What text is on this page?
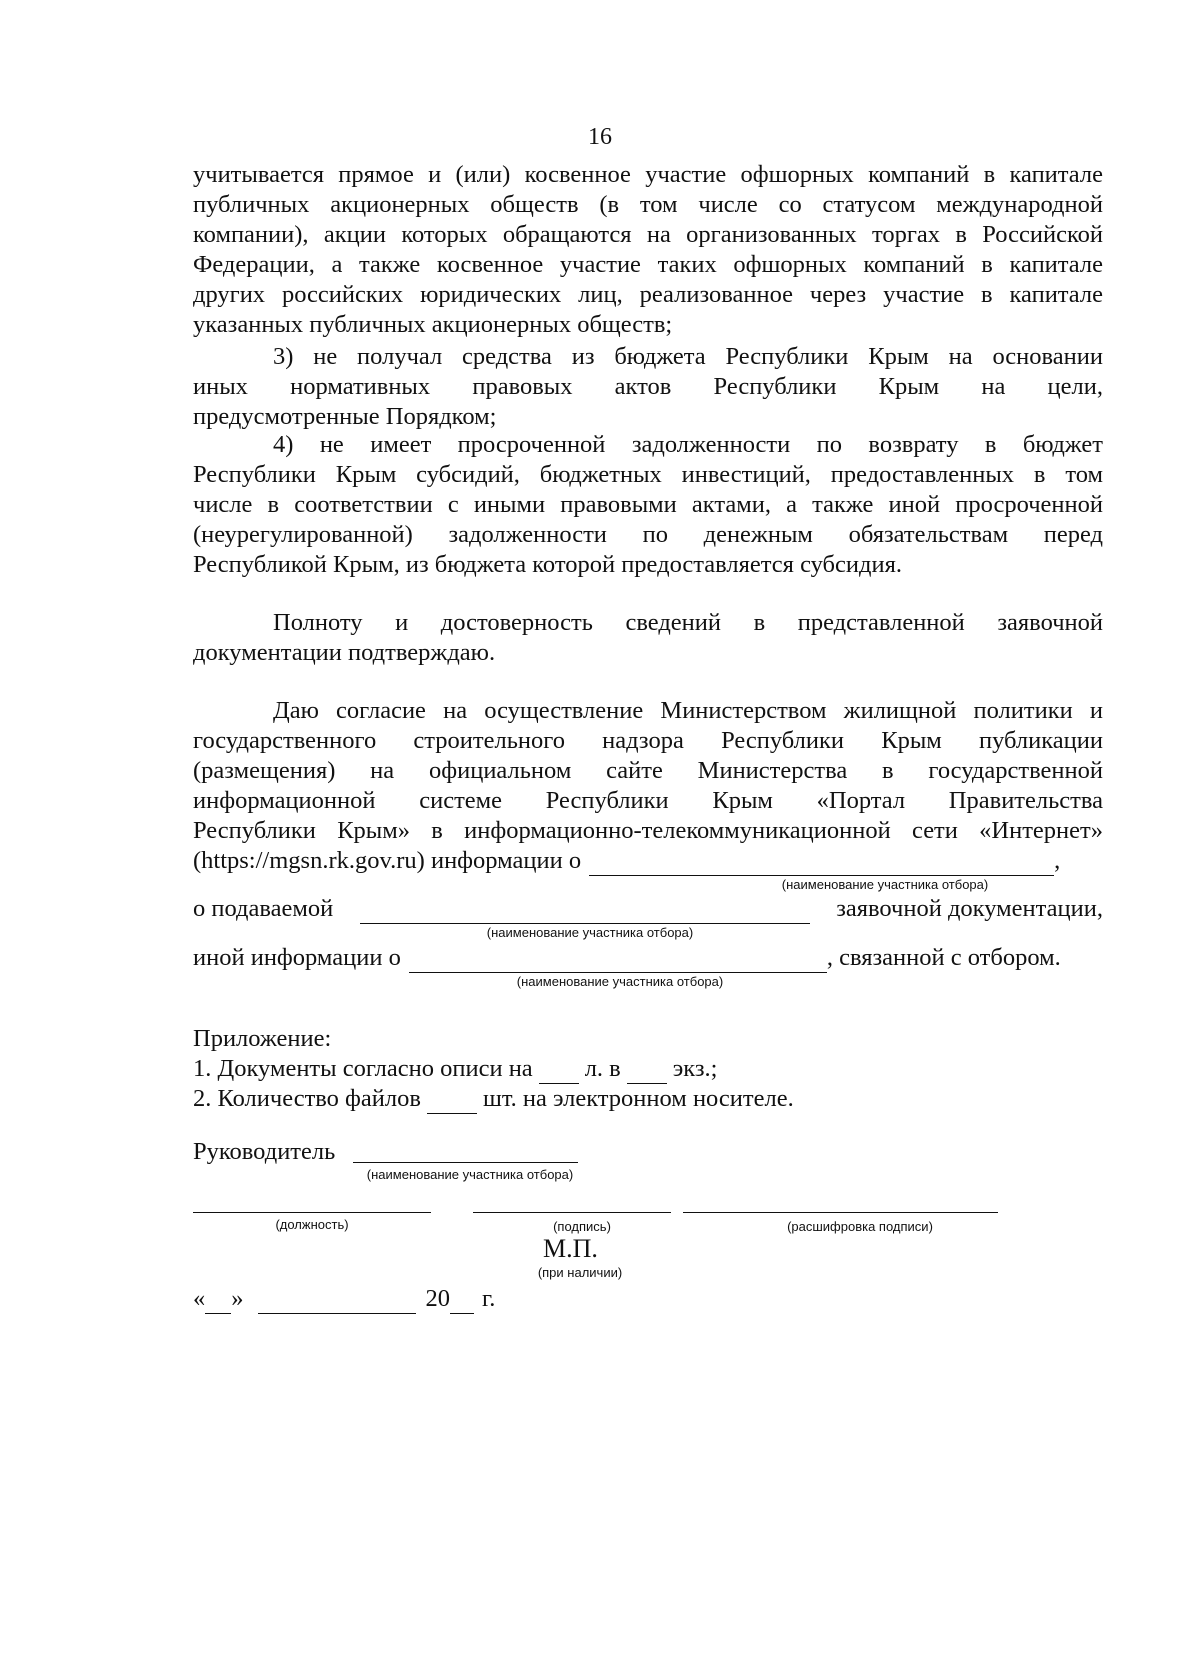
16

учитывается прямое и (или) косвенное участие офшорных компаний в капитале

публичных акционерных обществ (в том числе со статусом международной

компании), акции которых обращаются на организованных торгах в Российской

Федерации, а также косвенное участие таких офшорных компаний в капитале

других российских юридических лиц, реализованное через участие в капитале

указанных публичных акционерных обществ;

3) не получал средства из бюджета Республики Крым на основании

иных нормативных правовых актов Республики Крым на цели,

предусмотренные Порядком;

4) не имеет просроченной задолженности по возврату в бюджет

Республики Крым субсидий, бюджетных инвестиций, предоставленных в том

числе в соответствии с иными правовыми актами, а также иной просроченной

(неурегулированной) задолженности по денежным обязательствам перед

Республикой Крым, из бюджета которой предоставляется субсидия.

Полноту и достоверность сведений в представленной заявочной

документации подтверждаю.

Даю согласие на осуществление Министерством жилищной политики и

государственного строительного надзора Республики Крым публикации

(размещения) на официальном сайте Министерства в государственной

информационной системе Республики Крым «Портал Правительства

Республики Крым» в информационно-телекоммуникационной сети «Интернет»

(https://mgsn.rk.gov.ru) информации о	,

(наименование участника отбора)

о подаваемой	заявочной документации,

(наименование участника отбора)

иной информации о	, связанной с отбором.

(наименование участника отбора)

Приложение:

1. Документы согласно описи на л. в экз.;

2. Количество файлов	шт. на электронном носителе.

Руководитель
(наименование участника отбора)
(должность)	(подпись)	(расшифровка подписи)
М.П.
(при наличии)

« »	20 г.
